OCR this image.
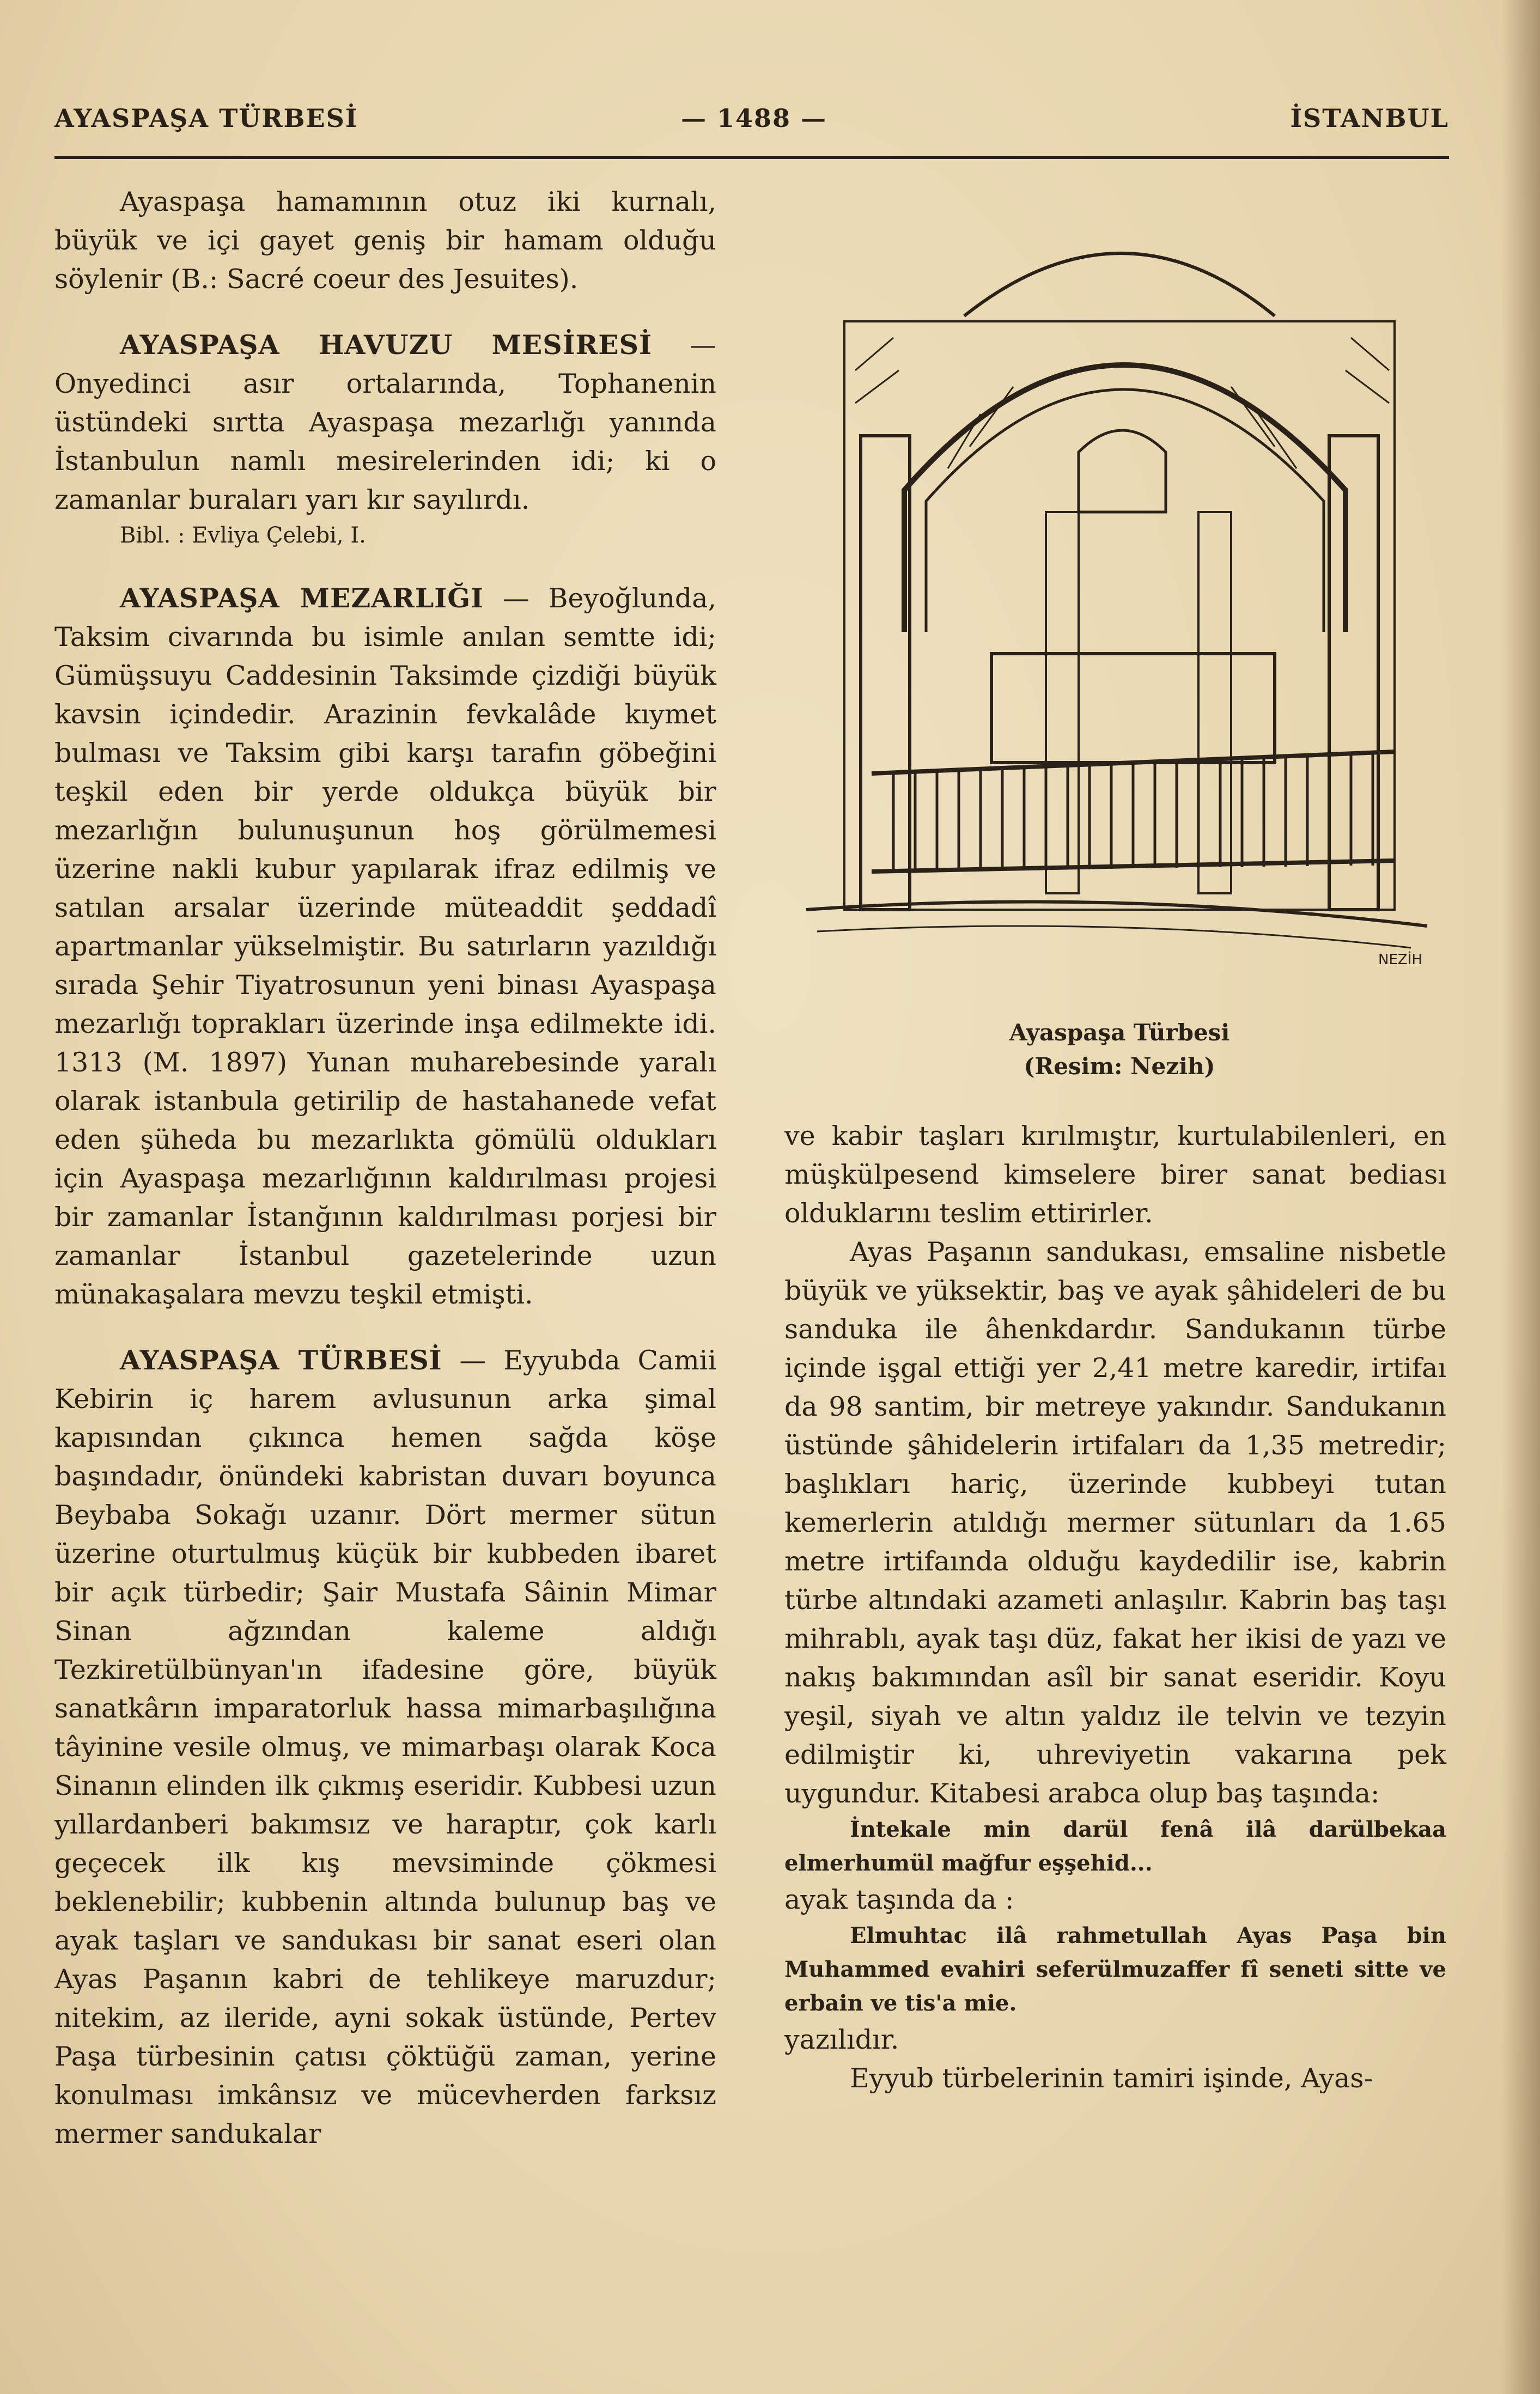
AYASPAŞA TÜRBESİ	— 1488 —	İSTANBUL

Ayaspaşa hamamının otuz iki kurnalı, büyük ve içi gayet geniş bir hamam olduğu söylenir (B.: Sacré coeur des Jesuites).

AYASPAŞA HAVUZU MESİRESİ — Onyedinci asır ortalarında, Tophanenin üstündeki sırtta Ayaspaşa mezarlığı yanında İstanbulun namlı mesirelerinden idi; ki o zamanlar buraları yarı kır sayılırdı.

Bibl. : Evliya Çelebi, I.

AYASPAŞA MEZARLIĞI — Beyoğlunda, Taksim civarında bu isimle anılan semtte idi; Gümüşsuyu Caddesinin Taksimde çizdiği büyük kavsin içindedir. Arazinin fevkalâde kıymet bulması ve Taksim gibi karşı tarafın göbeğini teşkil eden bir yerde oldukça büyük bir mezarlığın bulunuşunun hoş görülmemesi üzerine nakli kubur yapılarak ifraz edilmiş ve satılan arsalar üzerinde müteaddit şeddadî apartmanlar yükselmiştir. Bu satırların yazıldığı sırada Şehir Tiyatrosunun yeni binası Ayaspaşa mezarlığı toprakları üzerinde inşa edilmekte idi. 1313 (M. 1897) Yunan muharebesinde yaralı olarak istanbula getirilip de hastahanede vefat eden şüheda bu mezarlıkta gömülü oldukları için Ayaspaşa mezarlığının kaldırılması projesi bir zamanlar İstanğının kaldırılması porjesi bir zamanlar İstanbul gazetelerinde uzun münakaşalara mevzu teşkil etmişti.

AYASPAŞA TÜRBESİ — Eyyubda Camii Kebirin iç harem avlusunun arka şimal kapısından çıkınca hemen sağda köşe başındadır, önündeki kabristan duvarı boyunca Beybaba Sokağı uzanır. Dört mermer sütun üzerine oturtulmuş küçük bir kubbeden ibaret bir açık türbedir; Şair Mustafa Sâinin Mimar Sinan ağzından kaleme aldığı Tezkiretülbünyan'ın ifadesine göre, büyük sanatkârın imparatorluk hassa mimarbaşılığına tâyinine vesile olmuş, ve mimarbaşı olarak Koca Sinanın elinden ilk çıkmış eseridir. Kubbesi uzun yıllardanberi bakımsız ve haraptır, çok karlı geçecek ilk kış mevsiminde çökmesi beklenebilir; kubbenin altında bulunup baş ve ayak taşları ve sandukası bir sanat eseri olan Ayas Paşanın kabri de tehlikeye maruzdur; nitekim, az ileride, ayni sokak üstünde, Pertev Paşa türbesinin çatısı çöktüğü zaman, yerine konulması imkânsız ve mücevherden farksız mermer sandukalar

NEZİH
Ayaspaşa Türbesi
(Resim: Nezih)

ve kabir taşları kırılmıştır, kurtulabilenleri, en müşkülpesend kimselere birer sanat bediası olduklarını teslim ettirirler.

Ayas Paşanın sandukası, emsaline nisbetle büyük ve yüksektir, baş ve ayak şâhideleri de bu sanduka ile âhenkdardır. Sandukanın türbe içinde işgal ettiği yer 2,41 metre karedir, irtifaı da 98 santim, bir metreye yakındır. Sandukanın üstünde şâhidelerin irtifaları da 1,35 metredir; başlıkları hariç, üzerinde kubbeyi tutan kemerlerin atıldığı mermer sütunları da 1.65 metre irtifaında olduğu kaydedilir ise, kabrin türbe altındaki azameti anlaşılır. Kabrin baş taşı mihrablı, ayak taşı düz, fakat her ikisi de yazı ve nakış bakımından asîl bir sanat eseridir. Koyu yeşil, siyah ve altın yaldız ile telvin ve tezyin edilmiştir ki, uhreviyetin vakarına pek uygundur. Kitabesi arabca olup baş taşında:

İntekale min darül fenâ ilâ darülbekaa elmerhumül mağfur eşşehid...

ayak taşında da :

Elmuhtac ilâ rahmetullah Ayas Paşa bin Muhammed evahiri seferülmuzaffer fî seneti sitte ve erbain ve tis'a mie.

yazılıdır.

Eyyub türbelerinin tamiri işinde, Ayas-
